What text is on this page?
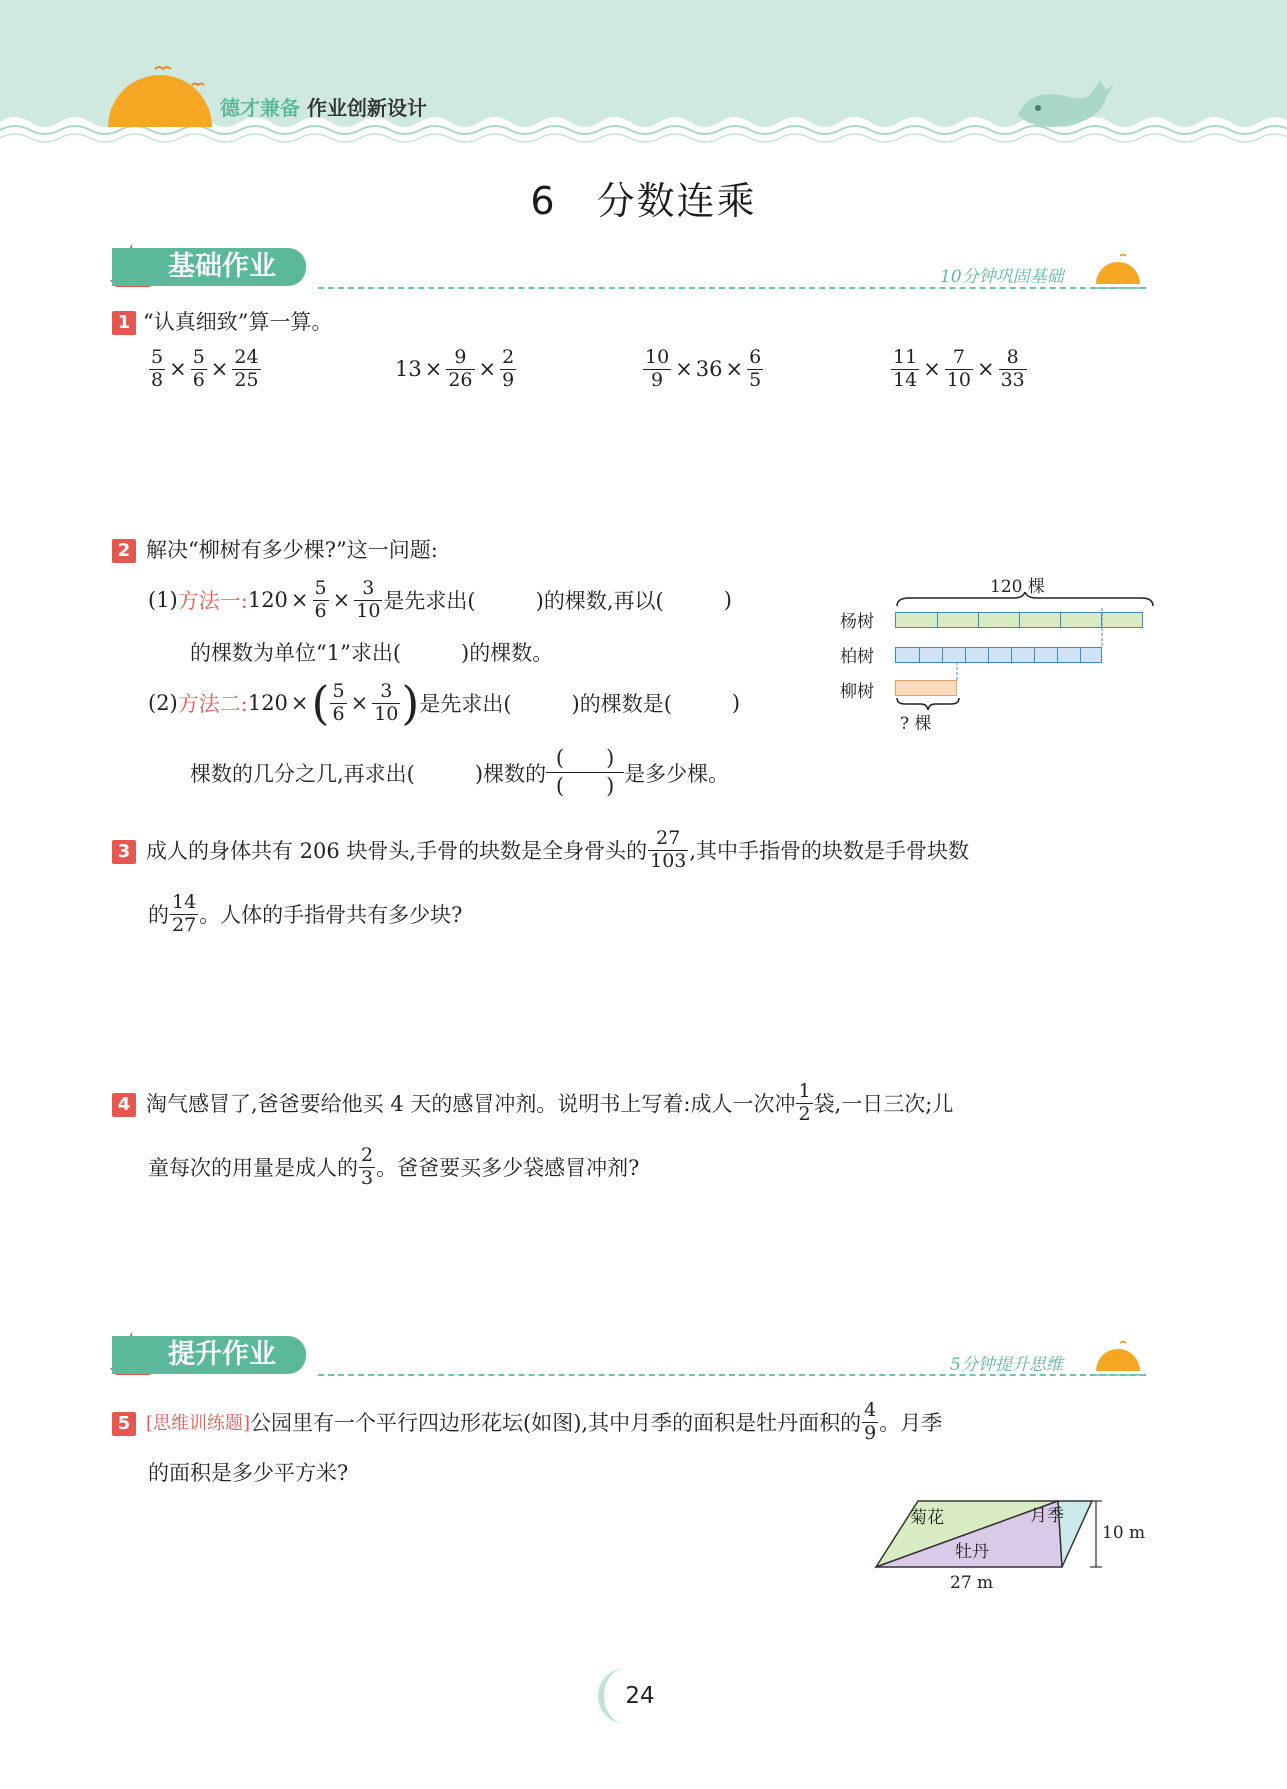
德才兼备 作业创新设计
6　分数连乘
基础作业	10分钟巩固基础
1 “认真细致”算一算。
$\frac{5}{8} \times \frac{5}{6} \times \frac{24}{25}$	$13 \times \frac{9}{26} \times \frac{2}{9}$	$\frac{10}{9} \times 36 \times \frac{6}{5}$	$\frac{11}{14} \times \frac{7}{10} \times \frac{8}{33}$
2 解决“柳树有多少棵?”这一问题:
(1) 方法一: $120 \times \frac{5}{6} \times \frac{3}{10}$ 是先求出(	)的棵数,再以(	)
的棵数为单位“1”求出(	)的棵数。
(2) 方法二: 120 × ( $\frac{5}{6} \times \frac{3}{10}$ ) 是先求出(	)的棵数是(	)
棵数的几分之几,再求出(	)棵数的 $\frac{( )}{( )}$ 是多少棵。
120 棵
杨树
柏树
柳树
? 棵
3 成人的身体共有 206 块骨头,手骨的块数是全身骨头的 $\frac{27}{103}$ ,其中手指骨的块数是手骨块数
的 $\frac{14}{27}$ 。人体的手指骨共有多少块?
4 淘气感冒了,爸爸要给他买 4 天的感冒冲剂。说明书上写着:成人一次冲 $\frac{1}{2}$ 袋,一日三次;儿
童每次的用量是成人的 $\frac{2}{3}$ 。爸爸要买多少袋感冒冲剂?
提升作业	5分钟提升思维
5 [思维训练题] 公园里有一个平行四边形花坛(如图),其中月季的面积是牡丹面积的 $\frac{4}{9}$ 。月季
的面积是多少平方米?
菊花
牡丹
月季
10 m
27 m
24
